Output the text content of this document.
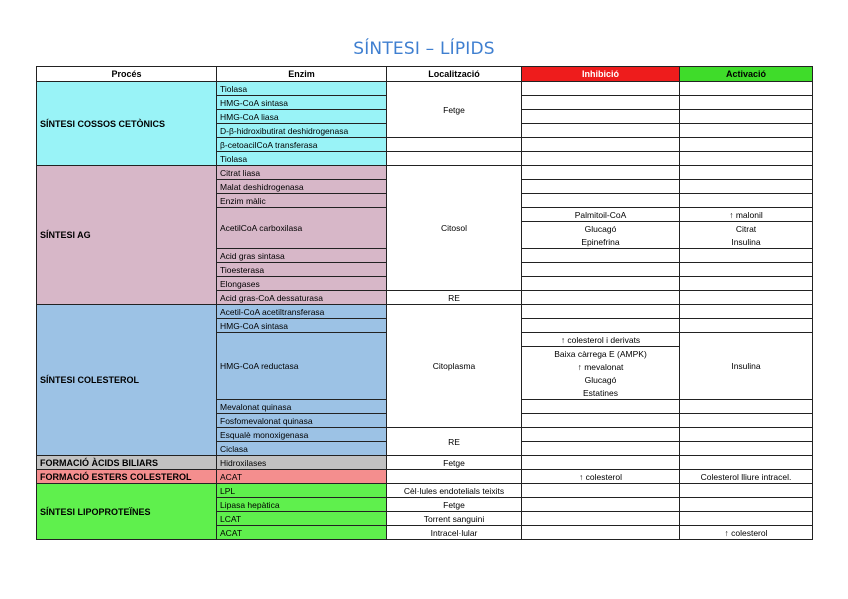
SÍNTESI – LÍPIDS
Procés	Enzim	Localització	Inhibició	Activació
SÍNTESI COSSOS CETÒNICS	Tiolasa	Fetge		
	HMG-CoA sintasa			
	HMG-CoA liasa			
	D-β-hidroxibutirat deshidrogenasa			
	β-cetoacilCoA transferasa			
	Tiolasa			
SÍNTESI AG	Citrat liasa	Citosol		
	Malat deshidrogenasa			
	Enzim màlic			
	AcetilCoA carboxilasa		Palmitoil-CoA	↑ malonil
			Glucagó	Citrat
			Epinefrina	Insulina
	Acid gras sintasa			
	Tioesterasa			
	Elongases			
	Acid gras-CoA dessaturasa	RE		
SÍNTESI COLESTEROL	Acetil-CoA acetiltransferasa	Citoplasma		
	HMG-CoA sintasa			
	HMG-CoA reductasa		↑ colesterol i derivats	Insulina
			Baixa càrrega E (AMPK)	
			↑ mevalonat	
			Glucagó	
			Estatines	
	Mevalonat quinasa			
	Fosfomevalonat quinasa			
	Esqualè monoxigenasa	RE		
	Ciclasa			
FORMACIÓ ÀCIDS BILIARS	Hidroxilases	Fetge		
FORMACIÓ ESTERS COLESTEROL	ACAT		↑ colesterol	Colesterol lliure intracel.
SÍNTESI LIPOPROTEÏNES	LPL	Cèl·lules endotelials teixits		
	Lipasa hepàtica	Fetge		
	LCAT	Torrent sanguini		
	ACAT	Intracel·lular		↑ colesterol
